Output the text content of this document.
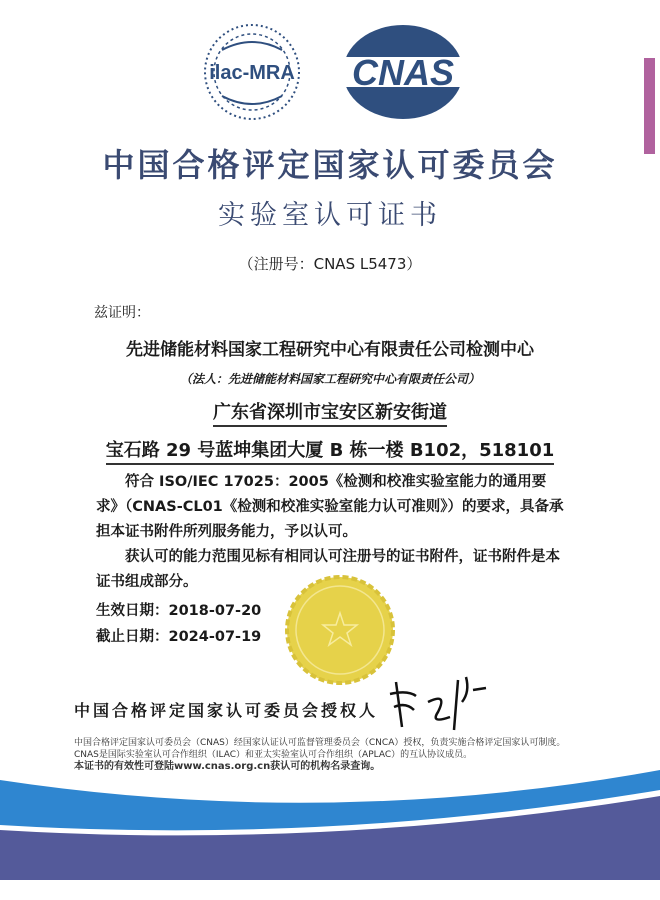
ilac-MRA CNAS
中国合格评定国家认可委员会
实验室认可证书
（注册号：CNAS L5473）
兹证明：
先进储能材料国家工程研究中心有限责任公司检测中心
（法人：先进储能材料国家工程研究中心有限责任公司）
广东省深圳市宝安区新安街道
宝石路 29 号蓝坤集团大厦 B 栋一楼 B102，518101

符合 ISO/IEC 17025：2005《检测和校准实验室能力的通用要求》（CNAS-CL01《检测和校准实验室能力认可准则》）的要求，具备承担本证书附件所列服务能力，予以认可。

获认可的能力范围见标有相同认可注册号的证书附件，证书附件是本证书组成部分。

生效日期：2018-07-20
截止日期：2024-07-19
中国合格评定国家认可委员会授权人
中国合格评定国家认可委员会（CNAS）经国家认证认可监督管理委员会（CNCA）授权，负责实施合格评定国家认可制度。
CNAS是国际实验室认可合作组织（ILAC）和亚太实验室认可合作组织（APLAC）的互认协议成员。
本证书的有效性可登陆www.cnas.org.cn获认可的机构名录查询。
